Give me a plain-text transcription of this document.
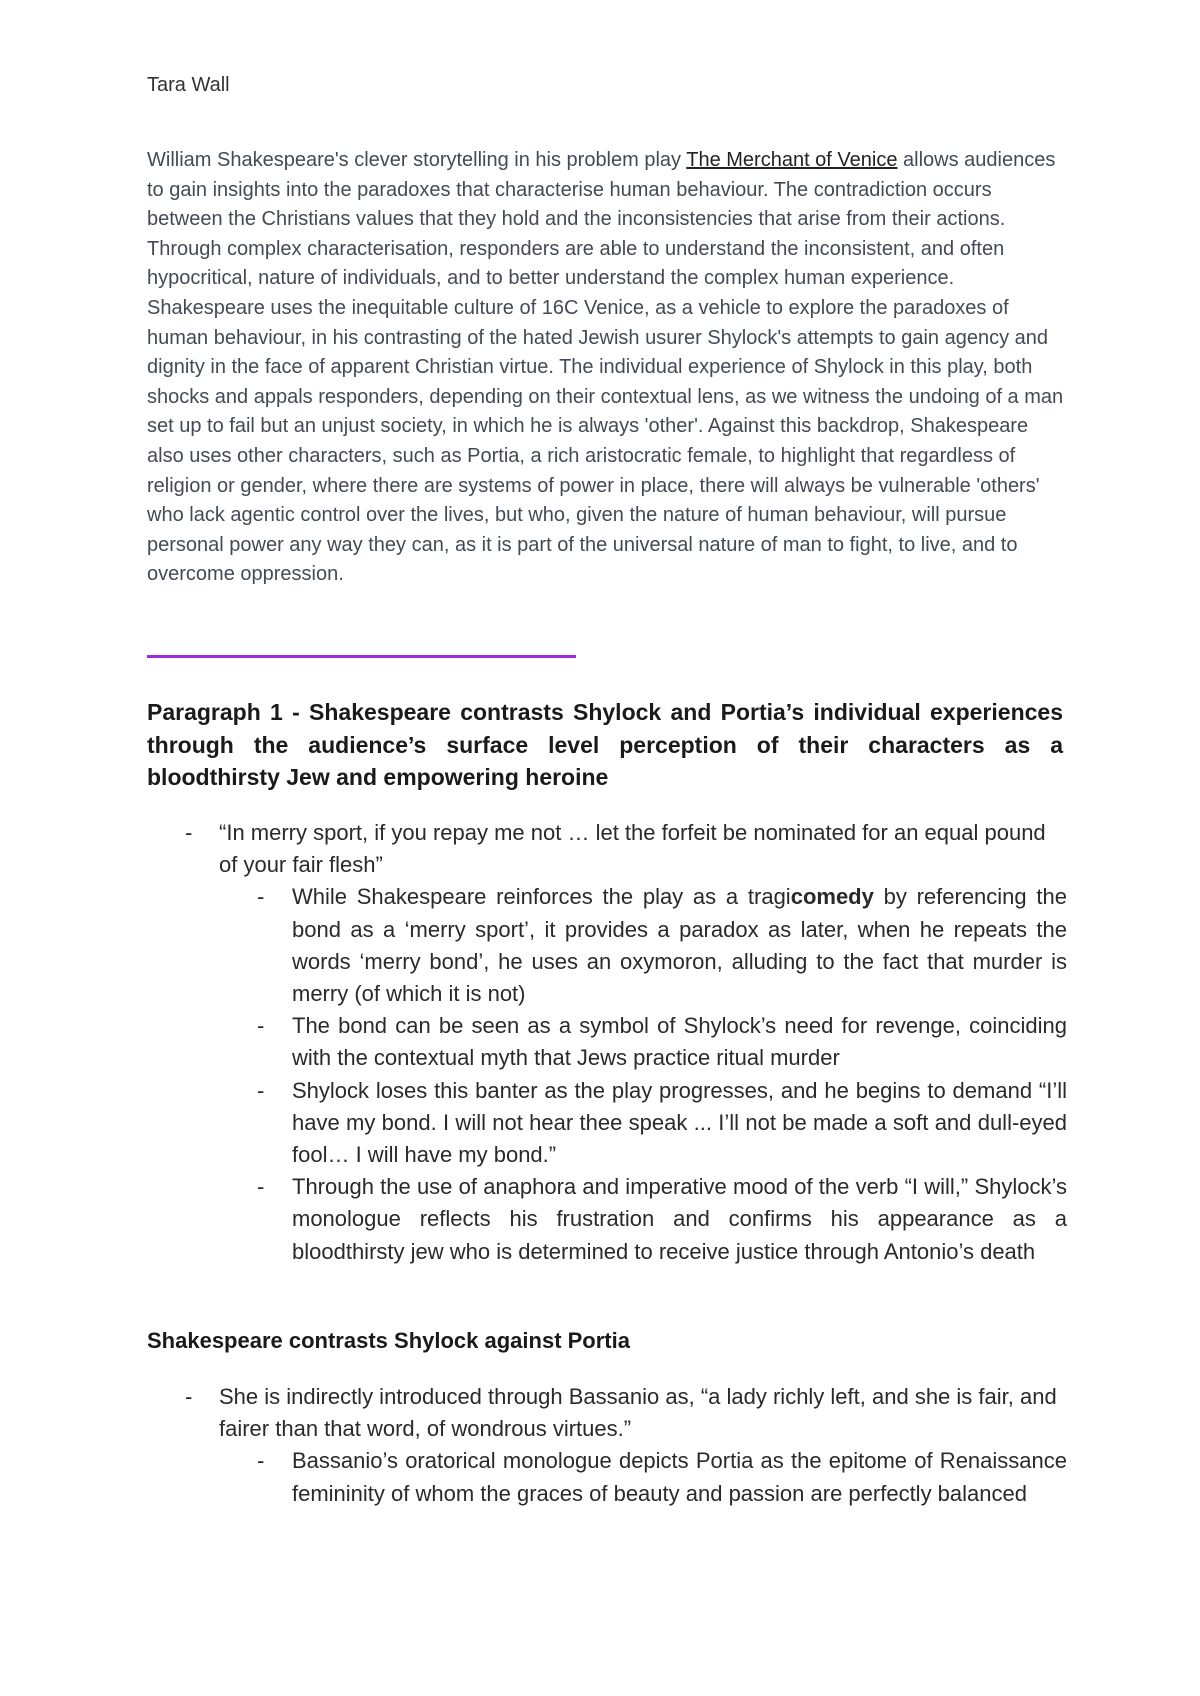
Tara Wall

William Shakespeare's clever storytelling in his problem play The Merchant of Venice allows audiences to gain insights into the paradoxes that characterise human behaviour. The contradiction occurs between the Christians values that they hold and the inconsistencies that arise from their actions. Through complex characterisation, responders are able to understand the inconsistent, and often hypocritical, nature of individuals, and to better understand the complex human experience. Shakespeare uses the inequitable culture of 16C Venice, as a vehicle to explore the paradoxes of human behaviour, in his contrasting of the hated Jewish usurer Shylock's attempts to gain agency and dignity in the face of apparent Christian virtue. The individual experience of Shylock in this play, both shocks and appals responders, depending on their contextual lens, as we witness the undoing of a man set up to fail but an unjust society, in which he is always 'other'. Against this backdrop, Shakespeare also uses other characters, such as Portia, a rich aristocratic female, to highlight that regardless of religion or gender, where there are systems of power in place, there will always be vulnerable 'others' who lack agentic control over the lives, but who, given the nature of human behaviour, will pursue personal power any way they can, as it is part of the universal nature of man to fight, to live, and to overcome oppression.

Paragraph 1 - Shakespeare contrasts Shylock and Portia’s individual experiences through the audience’s surface level perception of their characters as a bloodthirsty Jew and empowering heroine

- “In merry sport, if you repay me not … let the forfeit be nominated for an equal pound of your fair flesh”
- While Shakespeare reinforces the play as a tragicomedy by referencing the bond as a ‘merry sport’, it provides a paradox as later, when he repeats the words ‘merry bond’, he uses an oxymoron, alluding to the fact that murder is merry (of which it is not)
- The bond can be seen as a symbol of Shylock’s need for revenge, coinciding with the contextual myth that Jews practice ritual murder
- Shylock loses this banter as the play progresses, and he begins to demand “I’ll have my bond. I will not hear thee speak ... I’ll not be made a soft and dull-eyed fool… I will have my bond.”
- Through the use of anaphora and imperative mood of the verb “I will,” Shylock’s monologue reflects his frustration and confirms his appearance as a bloodthirsty jew who is determined to receive justice through Antonio’s death
Shakespeare contrasts Shylock against Portia
- She is indirectly introduced through Bassanio as, “a lady richly left, and she is fair, and fairer than that word, of wondrous virtues.”
- Bassanio’s oratorical monologue depicts Portia as the epitome of Renaissance femininity of whom the graces of beauty and passion are perfectly balanced
